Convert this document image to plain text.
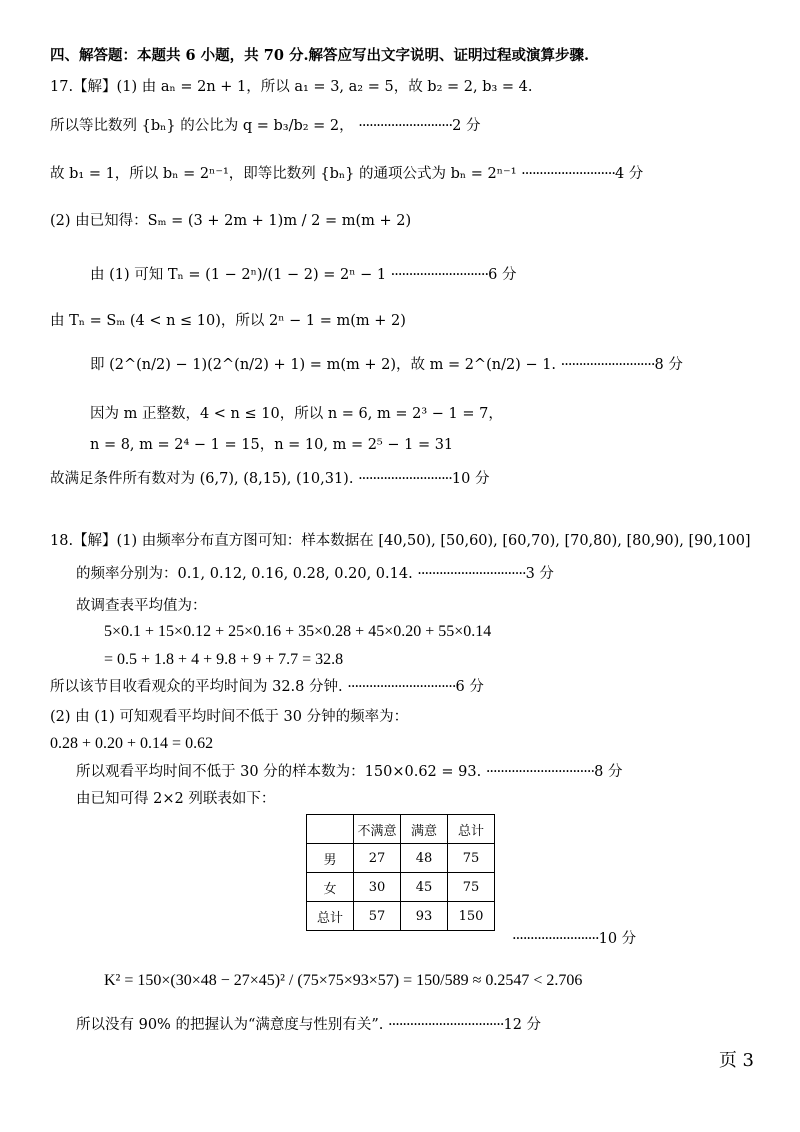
四、解答题：本题共 6 小题，共 70 分.解答应写出文字说明、证明过程或演算步骤.
17.【解】(1) 由 aₙ = 2n + 1，所以 a₁ = 3, a₂ = 5，故 b₂ = 2, b₃ = 4.
所以等比数列 {bₙ} 的公比为 q = b₃/b₂ = 2， ··························2 分
故 b₁ = 1，所以 bₙ = 2ⁿ⁻¹，即等比数列 {bₙ} 的通项公式为 bₙ = 2ⁿ⁻¹ ··························4 分
(2) 由已知得：Sₘ = (3 + 2m + 1)m / 2 = m(m + 2)
由 (1) 可知 Tₙ = (1 − 2ⁿ)/(1 − 2) = 2ⁿ − 1 ···························6 分
由 Tₙ = Sₘ (4 < n ≤ 10)，所以 2ⁿ − 1 = m(m + 2)
即 (2^(n/2) − 1)(2^(n/2) + 1) = m(m + 2)，故 m = 2^(n/2) − 1. ··························8 分
因为 m 正整数，4 < n ≤ 10，所以 n = 6, m = 2³ − 1 = 7，
n = 8, m = 2⁴ − 1 = 15，n = 10, m = 2⁵ − 1 = 31
故满足条件所有数对为 (6,7), (8,15), (10,31). ··························10 分
18.【解】(1) 由频率分布直方图可知：样本数据在 [40,50), [50,60), [60,70), [70,80), [80,90), [90,100]
的频率分别为：0.1, 0.12, 0.16, 0.28, 0.20, 0.14. ······························3 分
故调查表平均值为：
5×0.1 + 15×0.12 + 25×0.16 + 35×0.28 + 45×0.20 + 55×0.14
= 0.5 + 1.8 + 4 + 9.8 + 9 + 7.7 = 32.8
所以该节目收看观众的平均时间为 32.8 分钟. ······························6 分
(2) 由 (1) 可知观看平均时间不低于 30 分钟的频率为：
0.28 + 0.20 + 0.14 = 0.62
所以观看平均时间不低于 30 分的样本数为：150×0.62 = 93. ······························8 分
由已知可得 2×2 列联表如下：
	不满意	满意	总计
男	27	48	75
女	30	45	75
总计	57	93	150
························10 分
K² = 150×(30×48 − 27×45)² / (75×75×93×57) = 150/589 ≈ 0.2547 < 2.706
所以没有 90% 的把握认为“满意度与性别有关”. ································12 分
页 3
